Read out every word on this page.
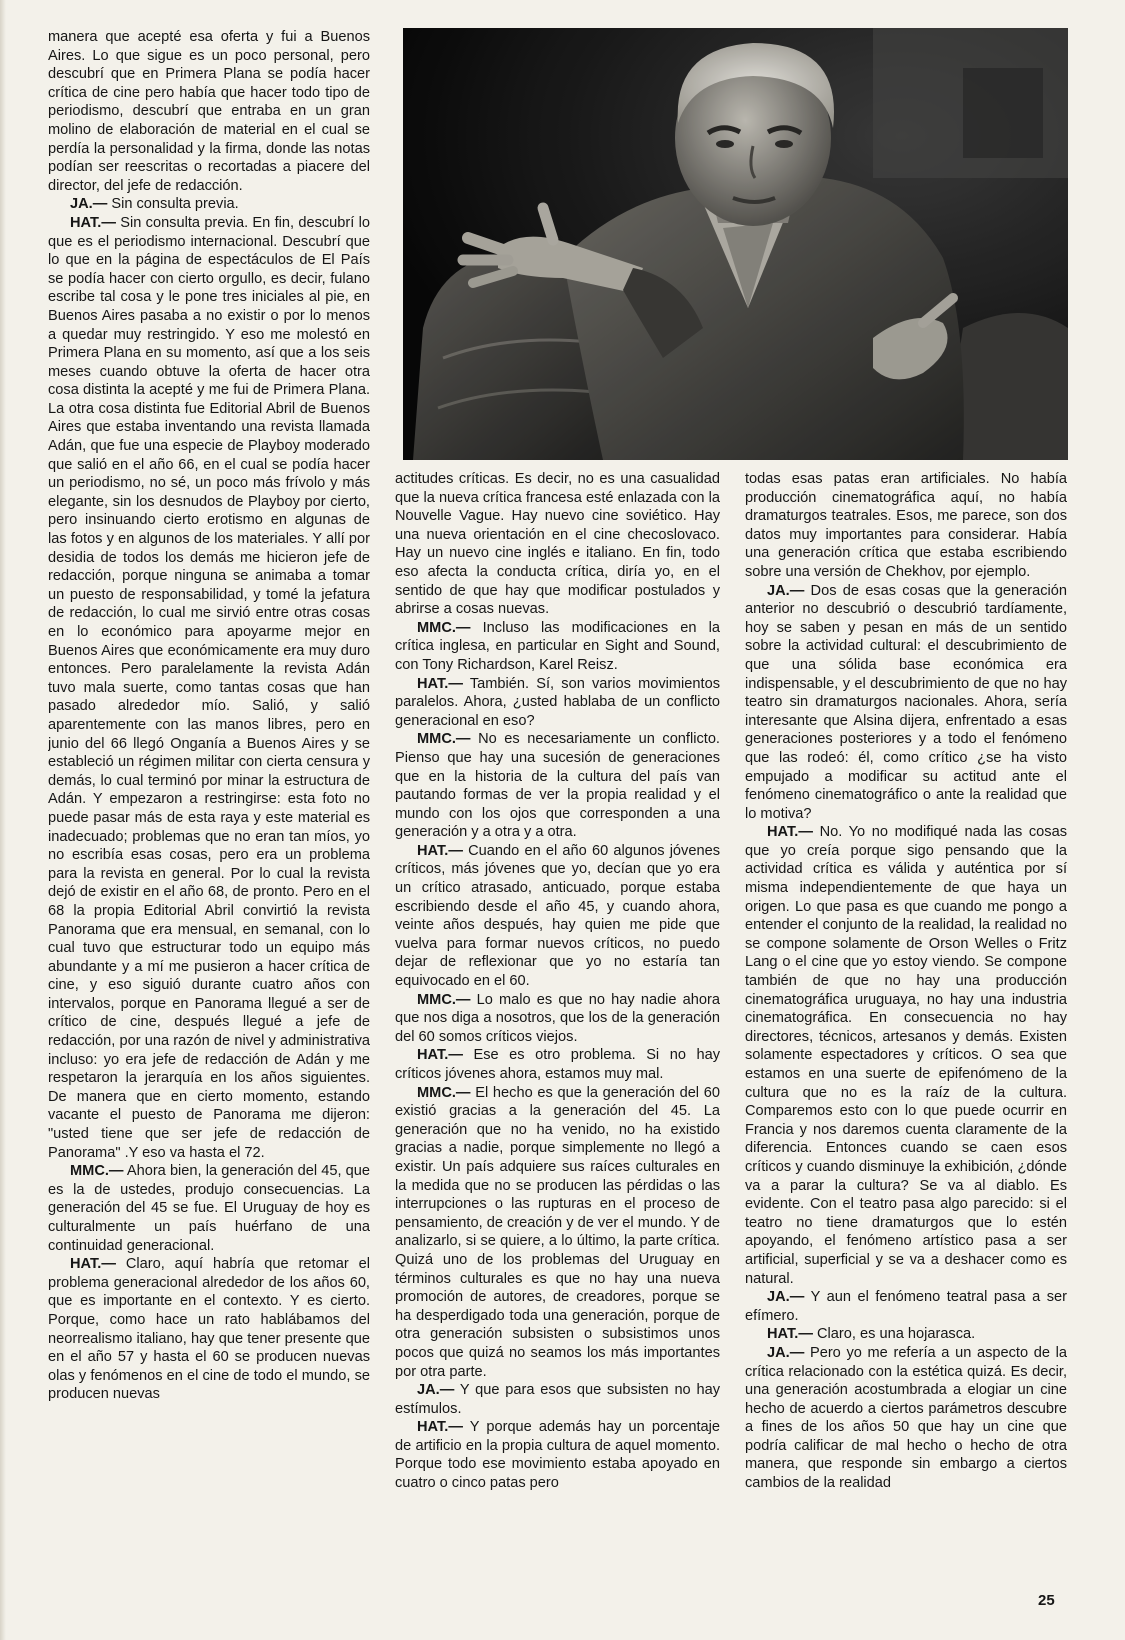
manera que acepté esa oferta y fui a Buenos Aires. Lo que sigue es un poco personal, pero descubrí que en Primera Plana se podía hacer crítica de cine pero había que hacer todo tipo de periodismo, descubrí que entraba en un gran molino de elaboración de material en el cual se perdía la personalidad y la firma, donde las notas podían ser reescritas o recortadas a piacere del director, del jefe de redacción.

JA.— Sin consulta previa.

HAT.— Sin consulta previa. En fin, descubrí lo que es el periodismo internacional. Descubrí que lo que en la página de espectáculos de El País se podía hacer con cierto orgullo, es decir, fulano escribe tal cosa y le pone tres iniciales al pie, en Buenos Aires pasaba a no existir o por lo menos a quedar muy restringido. Y eso me molestó en Primera Plana en su momento, así que a los seis meses cuando obtuve la oferta de hacer otra cosa distinta la acepté y me fui de Primera Plana. La otra cosa distinta fue Editorial Abril de Buenos Aires que estaba inventando una revista llamada Adán, que fue una especie de Playboy moderado que salió en el año 66, en el cual se podía hacer un periodismo, no sé, un poco más frívolo y más elegante, sin los desnudos de Playboy por cierto, pero insinuando cierto erotismo en algunas de las fotos y en algunos de los materiales. Y allí por desidia de todos los demás me hicieron jefe de redacción, porque ninguna se animaba a tomar un puesto de responsabilidad, y tomé la jefatura de redacción, lo cual me sirvió entre otras cosas en lo económico para apoyarme mejor en Buenos Aires que económicamente era muy duro entonces. Pero paralelamente la revista Adán tuvo mala suerte, como tantas cosas que han pasado alrededor mío. Salió, y salió aparentemente con las manos libres, pero en junio del 66 llegó Onganía a Buenos Aires y se estableció un régimen militar con cierta censura y demás, lo cual terminó por minar la estructura de Adán. Y empezaron a restringirse: esta foto no puede pasar más de esta raya y este material es inadecuado; problemas que no eran tan míos, yo no escribía esas cosas, pero era un problema para la revista en general. Por lo cual la revista dejó de existir en el año 68, de pronto. Pero en el 68 la propia Editorial Abril convirtió la revista Panorama que era mensual, en semanal, con lo cual tuvo que estructurar todo un equipo más abundante y a mí me pusieron a hacer crítica de cine, y eso siguió durante cuatro años con intervalos, porque en Panorama llegué a ser de crítico de cine, después llegué a jefe de redacción, por una razón de nivel y administrativa incluso: yo era jefe de redacción de Adán y me respetaron la jerarquía en los años siguientes. De manera que en cierto momento, estando vacante el puesto de Panorama me dijeron: "usted tiene que ser jefe de redacción de Panorama" .Y eso va hasta el 72.

MMC.— Ahora bien, la generación del 45, que es la de ustedes, produjo consecuencias. La generación del 45 se fue. El Uruguay de hoy es culturalmente un país huérfano de una continuidad generacional.

HAT.— Claro, aquí habría que retomar el problema generacional alrededor de los años 60, que es importante en el contexto. Y es cierto. Porque, como hace un rato hablábamos del neorrealismo italiano, hay que tener presente que en el año 57 y hasta el 60 se producen nuevas olas y fenómenos en el cine de todo el mundo, se producen nuevas

actitudes críticas. Es decir, no es una casualidad que la nueva crítica francesa esté enlazada con la Nouvelle Vague. Hay nuevo cine soviético. Hay una nueva orientación en el cine checoslovaco. Hay un nuevo cine inglés e italiano. En fin, todo eso afecta la conducta crítica, diría yo, en el sentido de que hay que modificar postulados y abrirse a cosas nuevas.

MMC.— Incluso las modificaciones en la crítica inglesa, en particular en Sight and Sound, con Tony Richardson, Karel Reisz.

HAT.— También. Sí, son varios movimientos paralelos. Ahora, ¿usted hablaba de un conflicto generacional en eso?

MMC.— No es necesariamente un conflicto. Pienso que hay una sucesión de generaciones que en la historia de la cultura del país van pautando formas de ver la propia realidad y el mundo con los ojos que corresponden a una generación y a otra y a otra.

HAT.— Cuando en el año 60 algunos jóvenes críticos, más jóvenes que yo, decían que yo era un crítico atrasado, anticuado, porque estaba escribiendo desde el año 45, y cuando ahora, veinte años después, hay quien me pide que vuelva para formar nuevos críticos, no puedo dejar de reflexionar que yo no estaría tan equivocado en el 60.

MMC.— Lo malo es que no hay nadie ahora que nos diga a nosotros, que los de la generación del 60 somos críticos viejos.

HAT.— Ese es otro problema. Si no hay críticos jóvenes ahora, estamos muy mal.

MMC.— El hecho es que la generación del 60 existió gracias a la generación del 45. La generación que no ha venido, no ha existido gracias a nadie, porque simplemente no llegó a existir. Un país adquiere sus raíces culturales en la medida que no se producen las pérdidas o las interrupciones o las rupturas en el proceso de pensamiento, de creación y de ver el mundo. Y de analizarlo, si se quiere, a lo último, la parte crítica. Quizá uno de los problemas del Uruguay en términos culturales es que no hay una nueva promoción de autores, de creadores, porque se ha desperdigado toda una generación, porque de otra generación subsisten o subsistimos unos pocos que quizá no seamos los más importantes por otra parte.

JA.— Y que para esos que subsisten no hay estímulos.

HAT.— Y porque además hay un porcentaje de artificio en la propia cultura de aquel momento. Porque todo ese movimiento estaba apoyado en cuatro o cinco patas pero

todas esas patas eran artificiales. No había producción cinematográfica aquí, no había dramaturgos teatrales. Esos, me parece, son dos datos muy importantes para considerar. Había una generación crítica que estaba escribiendo sobre una versión de Chekhov, por ejemplo.

JA.— Dos de esas cosas que la generación anterior no descubrió o descubrió tardíamente, hoy se saben y pesan en más de un sentido sobre la actividad cultural: el descubrimiento de que una sólida base económica era indispensable, y el descubrimiento de que no hay teatro sin dramaturgos nacionales. Ahora, sería interesante que Alsina dijera, enfrentado a esas generaciones posteriores y a todo el fenómeno que las rodeó: él, como crítico ¿se ha visto empujado a modificar su actitud ante el fenómeno cinematográfico o ante la realidad que lo motiva?

HAT.— No. Yo no modifiqué nada las cosas que yo creía porque sigo pensando que la actividad crítica es válida y auténtica por sí misma independientemente de que haya un origen. Lo que pasa es que cuando me pongo a entender el conjunto de la realidad, la realidad no se compone solamente de Orson Welles o Fritz Lang o el cine que yo estoy viendo. Se compone también de que no hay una producción cinematográfica uruguaya, no hay una industria cinematográfica. En consecuencia no hay directores, técnicos, artesanos y demás. Existen solamente espectadores y críticos. O sea que estamos en una suerte de epifenómeno de la cultura que no es la raíz de la cultura. Comparemos esto con lo que puede ocurrir en Francia y nos daremos cuenta claramente de la diferencia. Entonces cuando se caen esos críticos y cuando disminuye la exhibición, ¿dónde va a parar la cultura? Se va al diablo. Es evidente. Con el teatro pasa algo parecido: si el teatro no tiene dramaturgos que lo estén apoyando, el fenómeno artístico pasa a ser artificial, superficial y se va a deshacer como es natural.

JA.— Y aun el fenómeno teatral pasa a ser efímero.

HAT.— Claro, es una hojarasca.

JA.— Pero yo me refería a un aspecto de la crítica relacionado con la estética quizá. Es decir, una generación acostumbrada a elogiar un cine hecho de acuerdo a ciertos parámetros descubre a fines de los años 50 que hay un cine que podría calificar de mal hecho o hecho de otra manera, que responde sin embargo a ciertos cambios de la realidad

25
